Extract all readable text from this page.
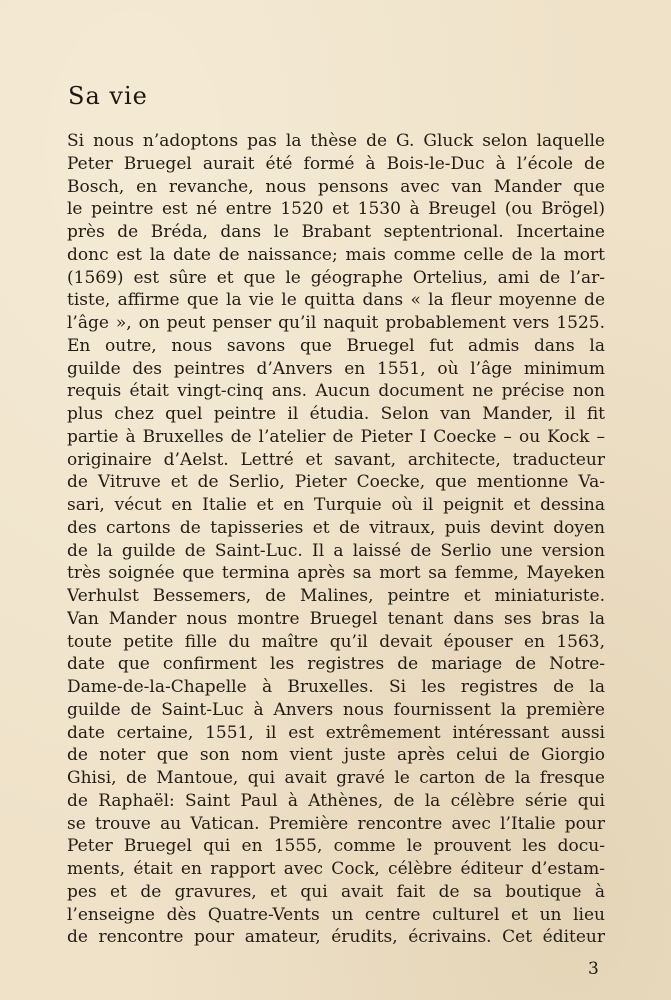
Sa vie
Si nous n’adoptons pas la thèse de G. Gluck selon laquelle
Peter Bruegel aurait été formé à Bois-le-Duc à l’école de
Bosch, en revanche, nous pensons avec van Mander que
le peintre est né entre 1520 et 1530 à Breugel (ou Brögel)
près de Bréda, dans le Brabant septentrional. Incertaine
donc est la date de naissance; mais comme celle de la mort
(1569) est sûre et que le géographe Ortelius, ami de l’ar-
tiste, affirme que la vie le quitta dans « la fleur moyenne de
l’âge », on peut penser qu’il naquit probablement vers 1525.
En outre, nous savons que Bruegel fut admis dans la
guilde des peintres d’Anvers en 1551, où l’âge minimum
requis était vingt-cinq ans. Aucun document ne précise non
plus chez quel peintre il étudia. Selon van Mander, il fit
partie à Bruxelles de l’atelier de Pieter I Coecke – ou Kock –
originaire d’Aelst. Lettré et savant, architecte, traducteur
de Vitruve et de Serlio, Pieter Coecke, que mentionne Va-
sari, vécut en Italie et en Turquie où il peignit et dessina
des cartons de tapisseries et de vitraux, puis devint doyen
de la guilde de Saint-Luc. Il a laissé de Serlio une version
très soignée que termina après sa mort sa femme, Mayeken
Verhulst Bessemers, de Malines, peintre et miniaturiste.
Van Mander nous montre Bruegel tenant dans ses bras la
toute petite fille du maître qu’il devait épouser en 1563,
date que confirment les registres de mariage de Notre-
Dame-de-la-Chapelle à Bruxelles. Si les registres de la
guilde de Saint-Luc à Anvers nous fournissent la première
date certaine, 1551, il est extrêmement intéressant aussi
de noter que son nom vient juste après celui de Giorgio
Ghisi, de Mantoue, qui avait gravé le carton de la fresque
de Raphaël: Saint Paul à Athènes, de la célèbre série qui
se trouve au Vatican. Première rencontre avec l’Italie pour
Peter Bruegel qui en 1555, comme le prouvent les docu-
ments, était en rapport avec Cock, célèbre éditeur d’estam-
pes et de gravures, et qui avait fait de sa boutique à
l’enseigne dès Quatre-Vents un centre culturel et un lieu
de rencontre pour amateur, érudits, écrivains. Cet éditeur
3
